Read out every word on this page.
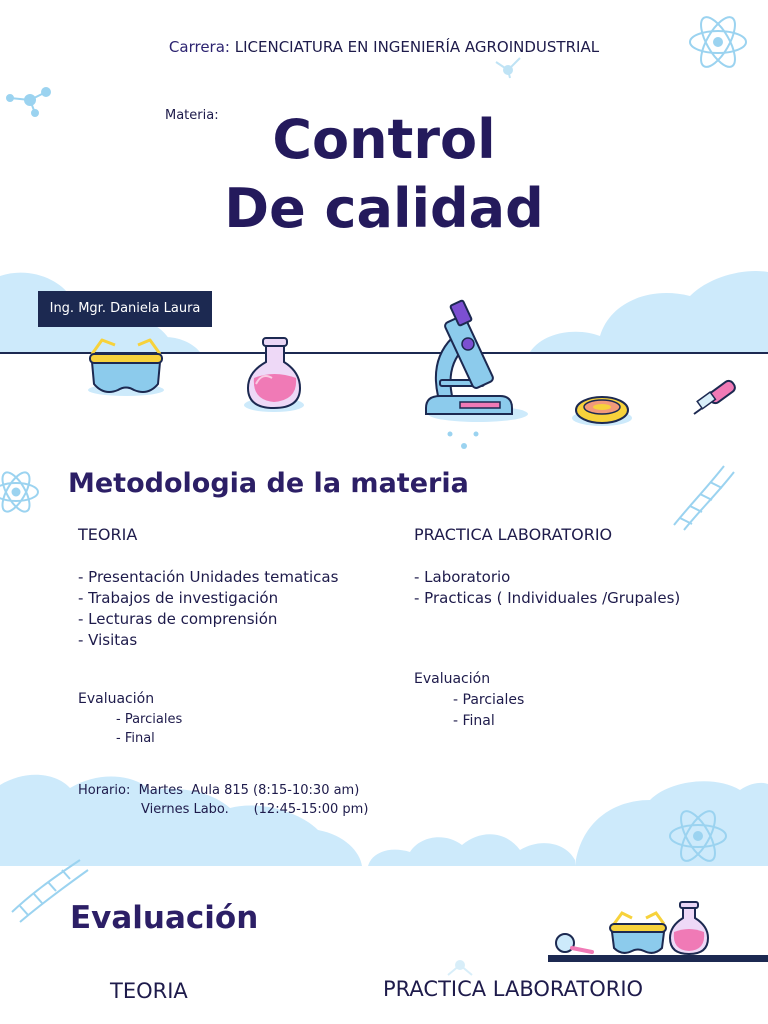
Carrera: LICENCIATURA EN INGENIERÍA AGROINDUSTRIAL
Materia: Control
De calidad
Ing. Mgr. Daniela Laura
Metodologia de la materia
TEORIA
- Presentación Unidades tematicas
- Trabajos de investigación
- Lecturas de comprensión
- Visitas
Evaluación
- Parciales
- Final
PRACTICA LABORATORIO
- Laboratorio
- Practicas ( Individuales /Grupales)
Evaluación
- Parciales
- Final
Horario:  Martes  Aula 815 (8:15-10:30 am)
Viernes Labo.      (12:45-15:00 pm)
Evaluación
TEORIA	PRACTICA LABORATORIO
